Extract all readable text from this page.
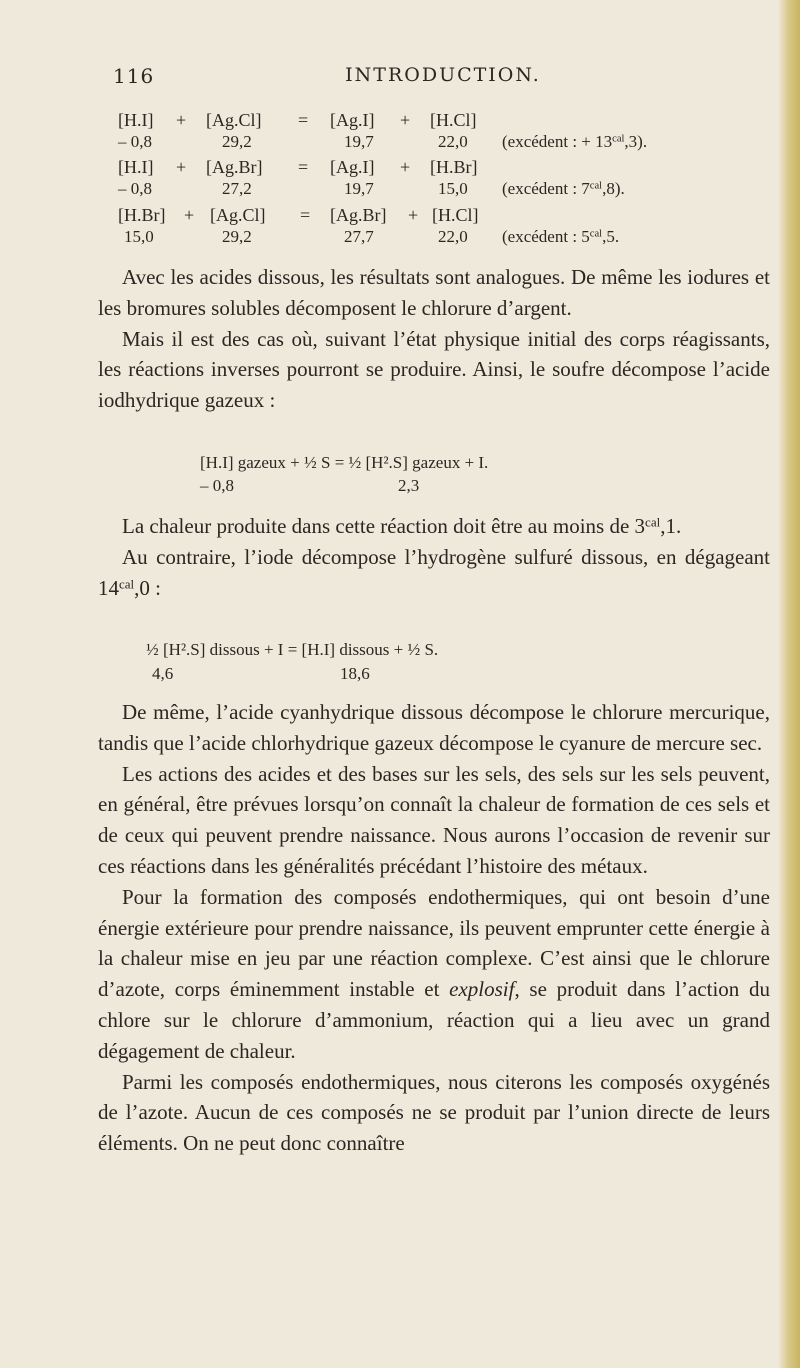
116	INTRODUCTION.
[H.I] + [Ag.Cl] = [Ag.I] + [H.Cl]
– 0,8	29,2	19,7	22,0 (excédent : + $13^{cal},3$).
[H.I] + [Ag.Br] = [Ag.I] + [H.Br]
– 0,8	27,2	19,7	15,0 (excédent : $7^{cal},8$).
[H.Br] + [Ag.Cl] = [Ag.Br] + [H.Cl]
15,0	29,2	27,7	22,0 (excédent : $5^{cal},5$.

Avec les acides dissous, les résultats sont analogues. De même les iodures et les bromures solubles décomposent le chlorure d’argent.

Mais il est des cas où, suivant l’état physique initial des corps réagissants, les réactions inverses pourront se produire. Ainsi, le soufre décompose l’acide iodhydrique gazeux :

[H.I] gazeux + ½ S = ½ [H².S] gazeux + I.
– 0,8	2,3

La chaleur produite dans cette réaction doit être au moins de $3^{cal},1$.

Au contraire, l’iode décompose l’hydrogène sulfuré dissous, en dégageant $14^{cal},0$ :

½ [H².S] dissous + I = [H.I] dissous + ½ S.
4,6	18,6

De même, l’acide cyanhydrique dissous décompose le chlorure mercurique, tandis que l’acide chlorhydrique gazeux décompose le cyanure de mercure sec.

Les actions des acides et des bases sur les sels, des sels sur les sels peuvent, en général, être prévues lorsqu’on connaît la chaleur de formation de ces sels et de ceux qui peuvent prendre naissance. Nous aurons l’occasion de revenir sur ces réactions dans les généralités précédant l’histoire des métaux.

Pour la formation des composés endothermiques, qui ont besoin d’une énergie extérieure pour prendre naissance, ils peuvent emprunter cette énergie à la chaleur mise en jeu par une réaction complexe. C’est ainsi que le chlorure d’azote, corps éminemment instable et explosif, se produit dans l’action du chlore sur le chlorure d’ammonium, réaction qui a lieu avec un grand dégagement de chaleur.

Parmi les composés endothermiques, nous citerons les composés oxygénés de l’azote. Aucun de ces composés ne se produit par l’union directe de leurs éléments. On ne peut donc connaître
